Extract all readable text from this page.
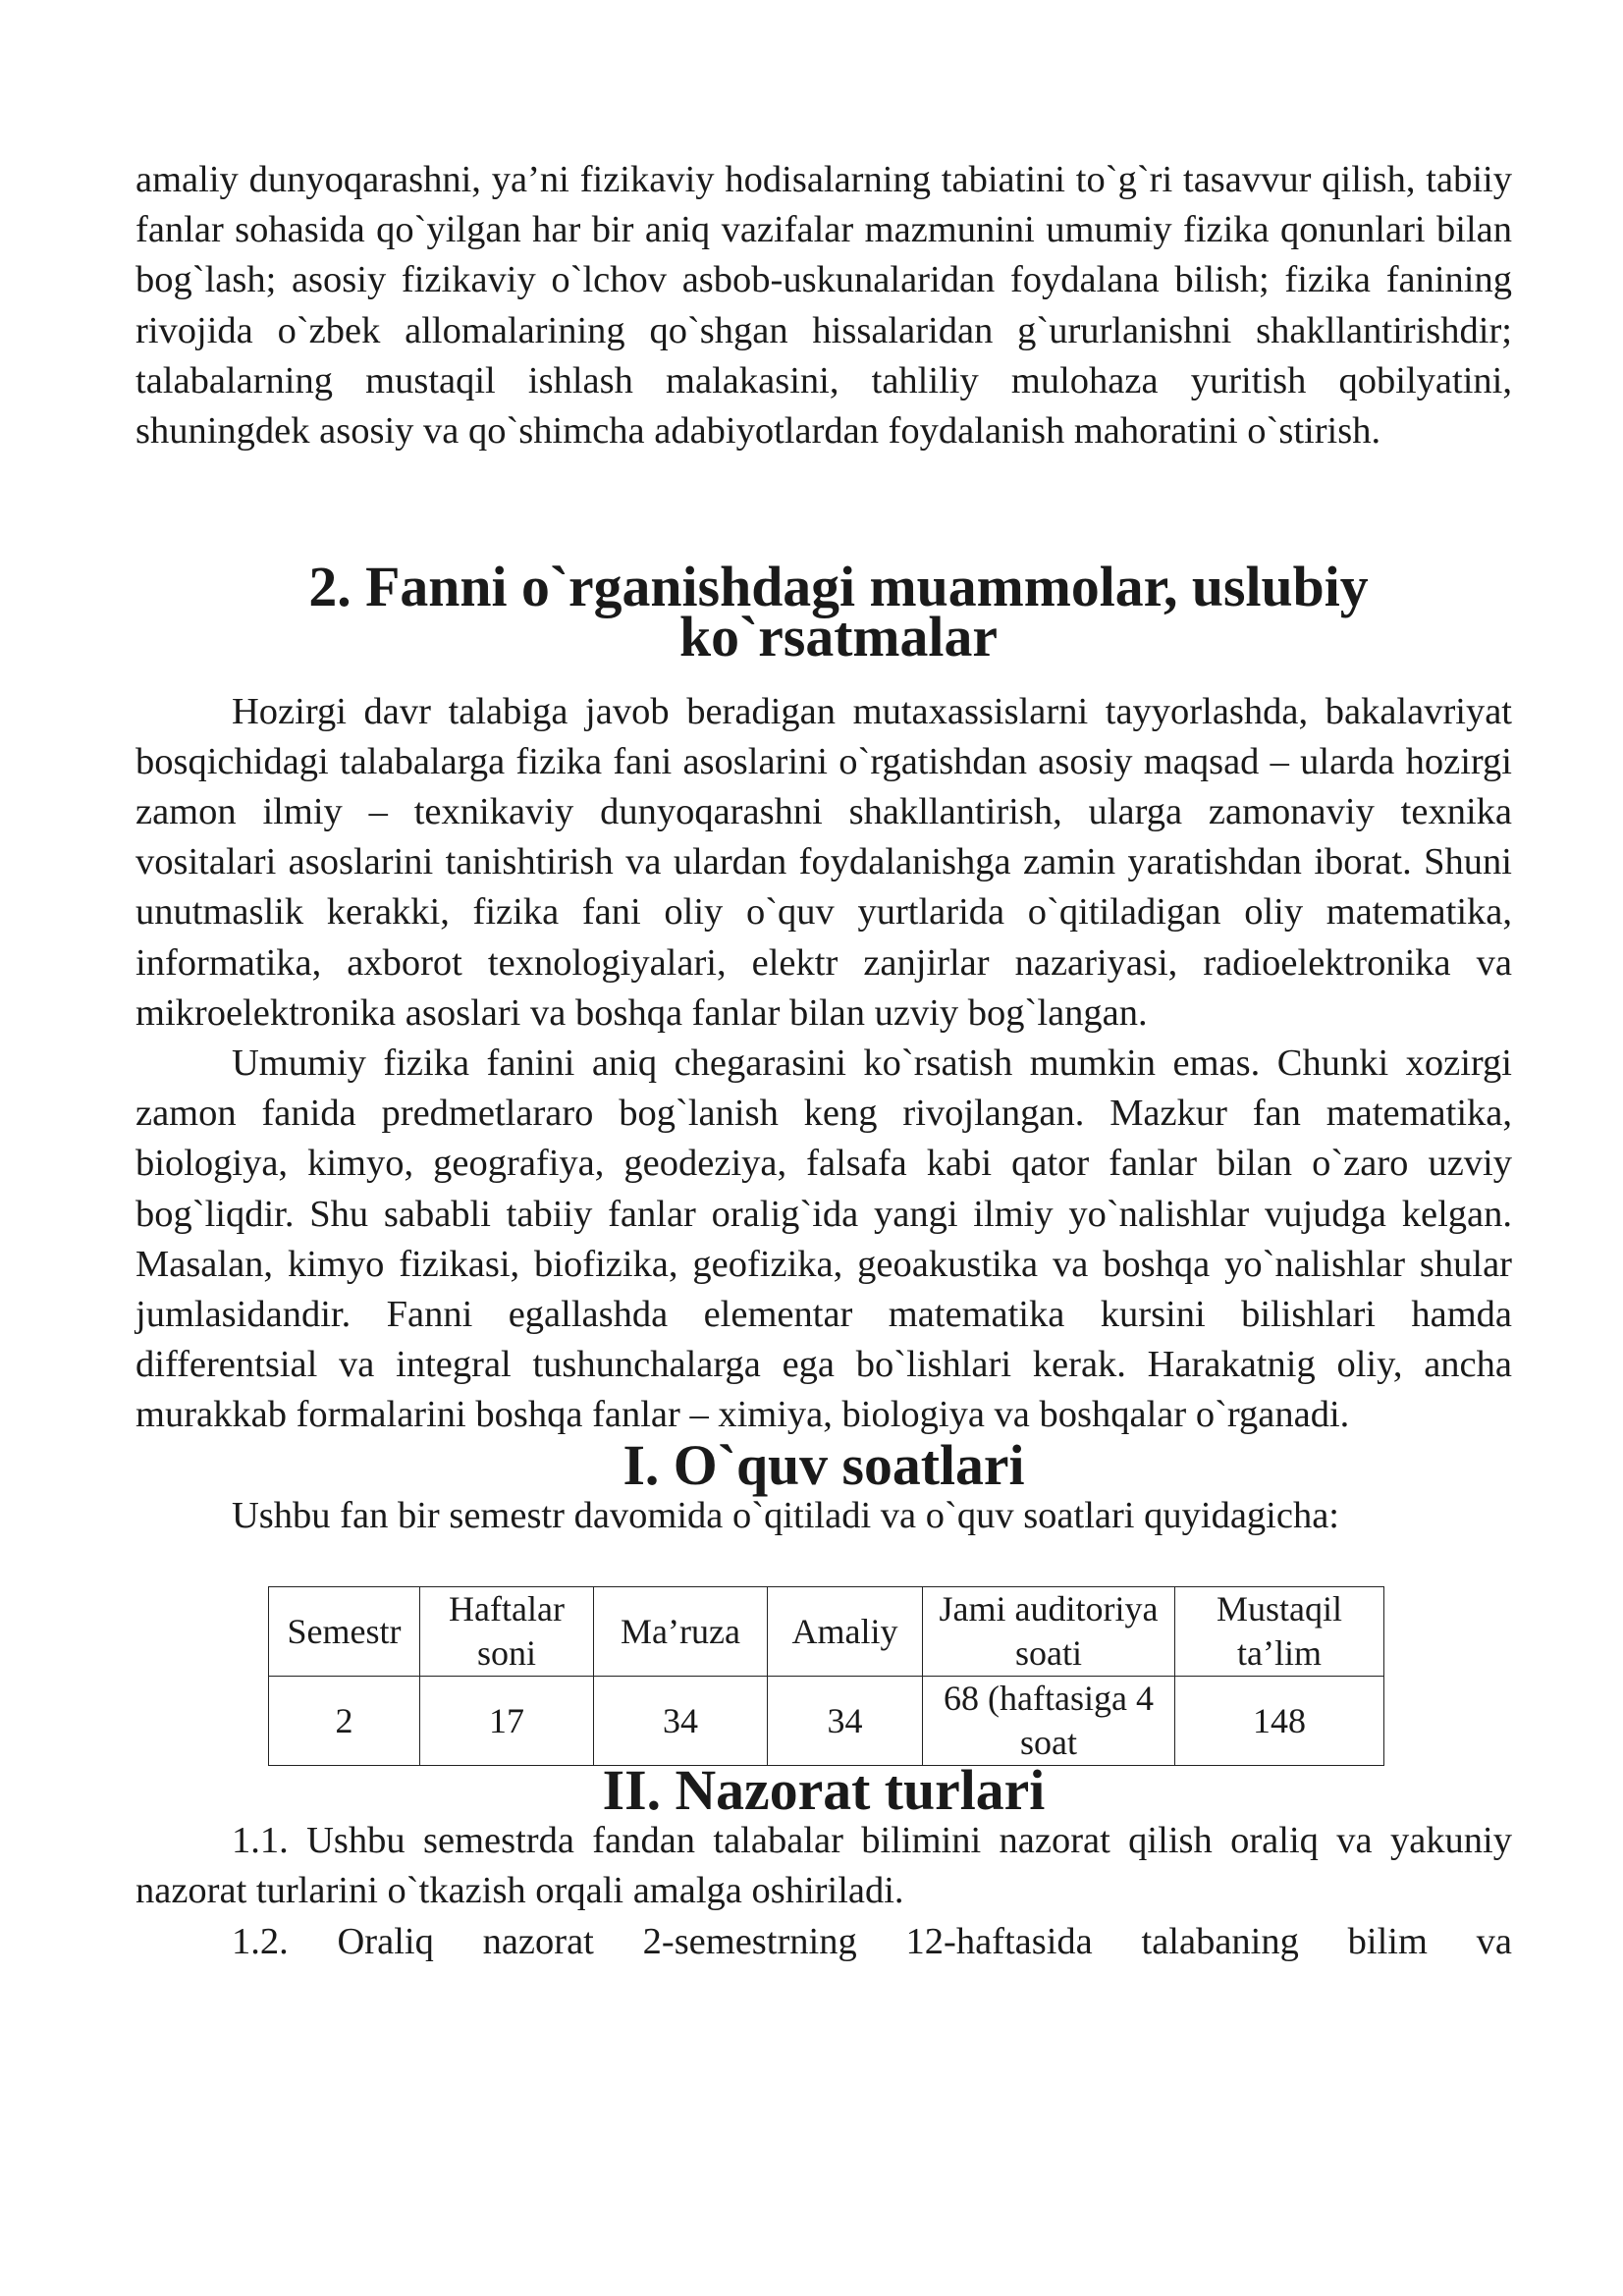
amaliy dunyoqarashni, ya’ni fizikaviy hodisalarning tabiatini to`g`ri tasavvur qilish, tabiiy fanlar sohasida qo`yilgan har bir aniq vazifalar mazmunini umumiy fizika qonunlari bilan bog`lash; asosiy fizikaviy o`lchov asbob-uskunalaridan foydalana bilish; fizika fanining rivojida o`zbek allomalarining qo`shgan hissalaridan g`ururlanishni shakllantirishdir; talabalarning mustaqil ishlash malakasini, tahliliy mulohaza yuritish qobilyatini, shuningdek asosiy va qo`shimcha adabiyotlardan foydalanish mahoratini o`stirish.

2. Fanni o`rganishdagi muammolar, uslubiy ko`rsatmalar

Hozirgi davr talabiga javob beradigan mutaxassislarni tayyorlashda, bakalavriyat bosqichidagi talabalarga fizika fani asoslarini o`rgatishdan asosiy maqsad – ularda hozirgi zamon ilmiy – texnikaviy dunyoqarashni shakllantirish, ularga zamonaviy texnika vositalari asoslarini tanishtirish va ulardan foydalanishga zamin yaratishdan iborat. Shuni unutmaslik kerakki, fizika fani oliy o`quv yurtlarida o`qitiladigan oliy matematika, informatika, axborot texnologiyalari, elektr zanjirlar nazariyasi, radioelektronika va mikroelektronika asoslari va boshqa fanlar bilan uzviy bog`langan.

Umumiy fizika fanini aniq chegarasini ko`rsatish mumkin emas. Chunki xozirgi zamon fanida predmetlararo bog`lanish keng rivojlangan. Mazkur fan matematika, biologiya, kimyo, geografiya, geodeziya, falsafa kabi qator fanlar bilan o`zaro uzviy bog`liqdir. Shu sababli tabiiy fanlar oralig`ida yangi ilmiy yo`nalishlar vujudga kelgan. Masalan, kimyo fizikasi, biofizika, geofizika, geoakustika va boshqa yo`nalishlar shular jumlasidandir. Fanni egallashda elementar matematika kursini bilishlari hamda differentsial va integral tushunchalarga ega bo`lishlari kerak. Harakatnig oliy, ancha murakkab formalarini boshqa fanlar – ximiya, biologiya va boshqalar o`rganadi.

I. O`quv soatlari

Ushbu fan bir semestr davomida o`qitiladi va o`quv soatlari quyidagicha:

Semestr	Haftalar soni	Ma’ruza	Amaliy	Jami auditoriya soati	Mustaqil ta’lim
2	17	34	34	68 (haftasiga 4 soat	148
II. Nazorat turlari

1.1. Ushbu semestrda fandan talabalar bilimini nazorat qilish oraliq va yakuniy nazorat turlarini o`tkazish orqali amalga oshiriladi.

1.2. Oraliq nazorat 2-semestrning 12-haftasida talabaning bilim va
